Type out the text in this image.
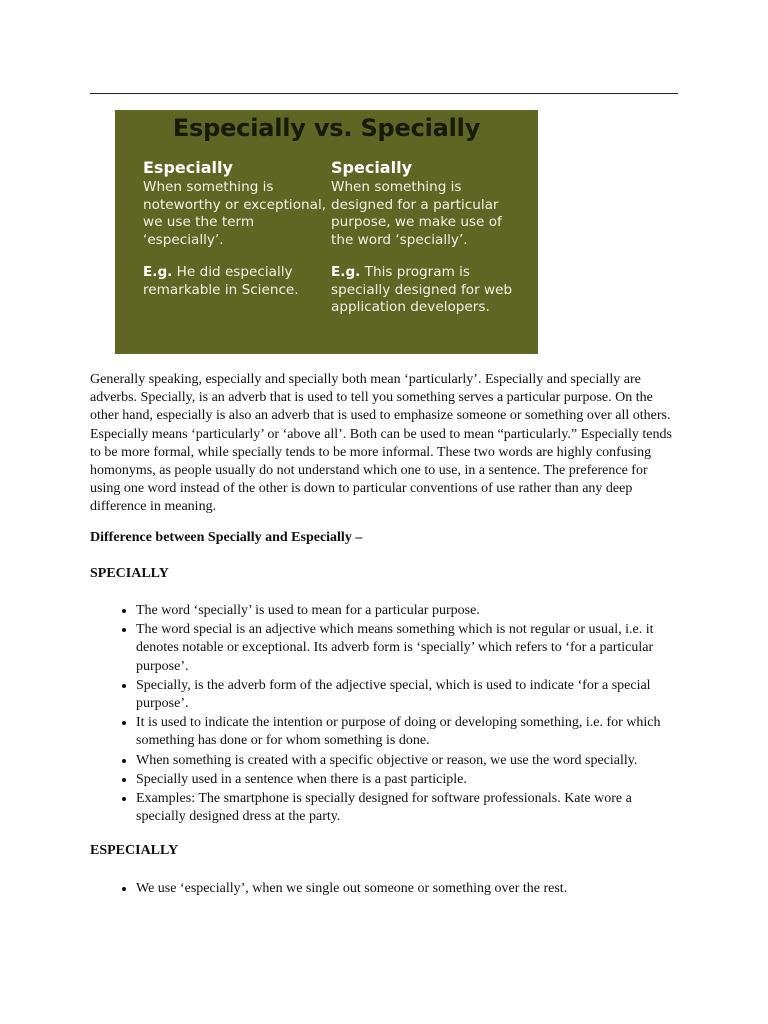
Especially vs. Specially
Especially
When something is noteworthy or exceptional, we use the term ‘especially’.
E.g. He did especially remarkable in Science.
Specially
When something is designed for a particular purpose, we make use of the word ‘specially’.
E.g. This program is specially designed for web application developers.

Generally speaking, especially and specially both mean ‘particularly’. Especially and specially are adverbs. Specially, is an adverb that is used to tell you something serves a particular purpose. On the other hand, especially is also an adverb that is used to emphasize someone or something over all others. Especially means ‘particularly’ or ‘above all’. Both can be used to mean “particularly.” Especially tends to be more formal, while specially tends to be more informal. These two words are highly confusing homonyms, as people usually do not understand which one to use, in a sentence. The preference for using one word instead of the other is down to particular conventions of use rather than any deep difference in meaning.

Difference between Specially and Especially –

SPECIALLY

• The word ‘specially’ is used to mean for a particular purpose.
• The word special is an adjective which means something which is not regular or usual, i.e. it denotes notable or exceptional. Its adverb form is ‘specially’ which refers to ‘for a particular purpose’.
• Specially, is the adverb form of the adjective special, which is used to indicate ‘for a special purpose’.
• It is used to indicate the intention or purpose of doing or developing something, i.e. for which something has done or for whom something is done.
• When something is created with a specific objective or reason, we use the word specially.
• Specially used in a sentence when there is a past participle.
• Examples: The smartphone is specially designed for software professionals. Kate wore a specially designed dress at the party.

ESPECIALLY

• We use ‘especially’, when we single out someone or something over the rest.
